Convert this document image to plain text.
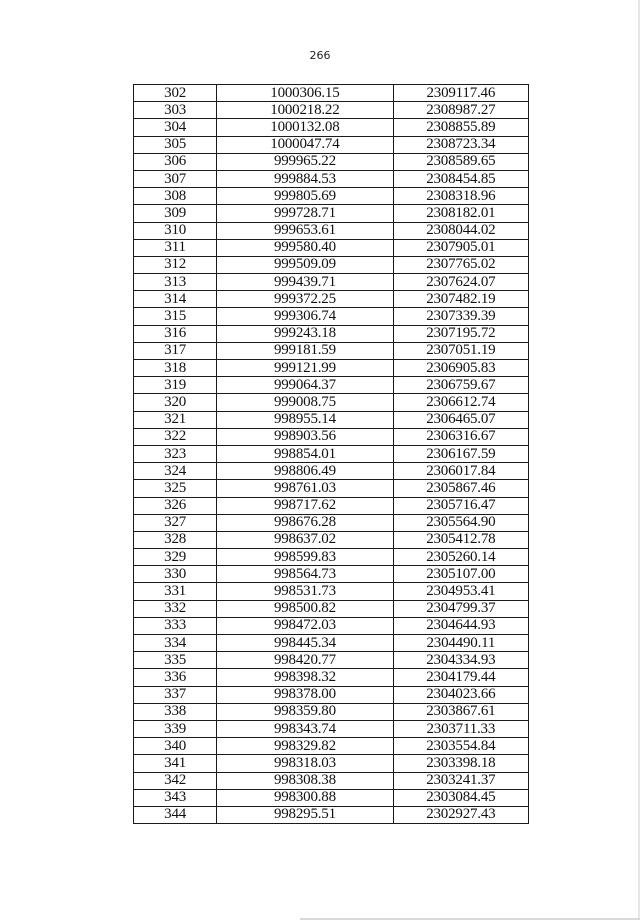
266
302	1000306.15	2309117.46
303	1000218.22	2308987.27
304	1000132.08	2308855.89
305	1000047.74	2308723.34
306	999965.22	2308589.65
307	999884.53	2308454.85
308	999805.69	2308318.96
309	999728.71	2308182.01
310	999653.61	2308044.02
311	999580.40	2307905.01
312	999509.09	2307765.02
313	999439.71	2307624.07
314	999372.25	2307482.19
315	999306.74	2307339.39
316	999243.18	2307195.72
317	999181.59	2307051.19
318	999121.99	2306905.83
319	999064.37	2306759.67
320	999008.75	2306612.74
321	998955.14	2306465.07
322	998903.56	2306316.67
323	998854.01	2306167.59
324	998806.49	2306017.84
325	998761.03	2305867.46
326	998717.62	2305716.47
327	998676.28	2305564.90
328	998637.02	2305412.78
329	998599.83	2305260.14
330	998564.73	2305107.00
331	998531.73	2304953.41
332	998500.82	2304799.37
333	998472.03	2304644.93
334	998445.34	2304490.11
335	998420.77	2304334.93
336	998398.32	2304179.44
337	998378.00	2304023.66
338	998359.80	2303867.61
339	998343.74	2303711.33
340	998329.82	2303554.84
341	998318.03	2303398.18
342	998308.38	2303241.37
343	998300.88	2303084.45
344	998295.51	2302927.43
